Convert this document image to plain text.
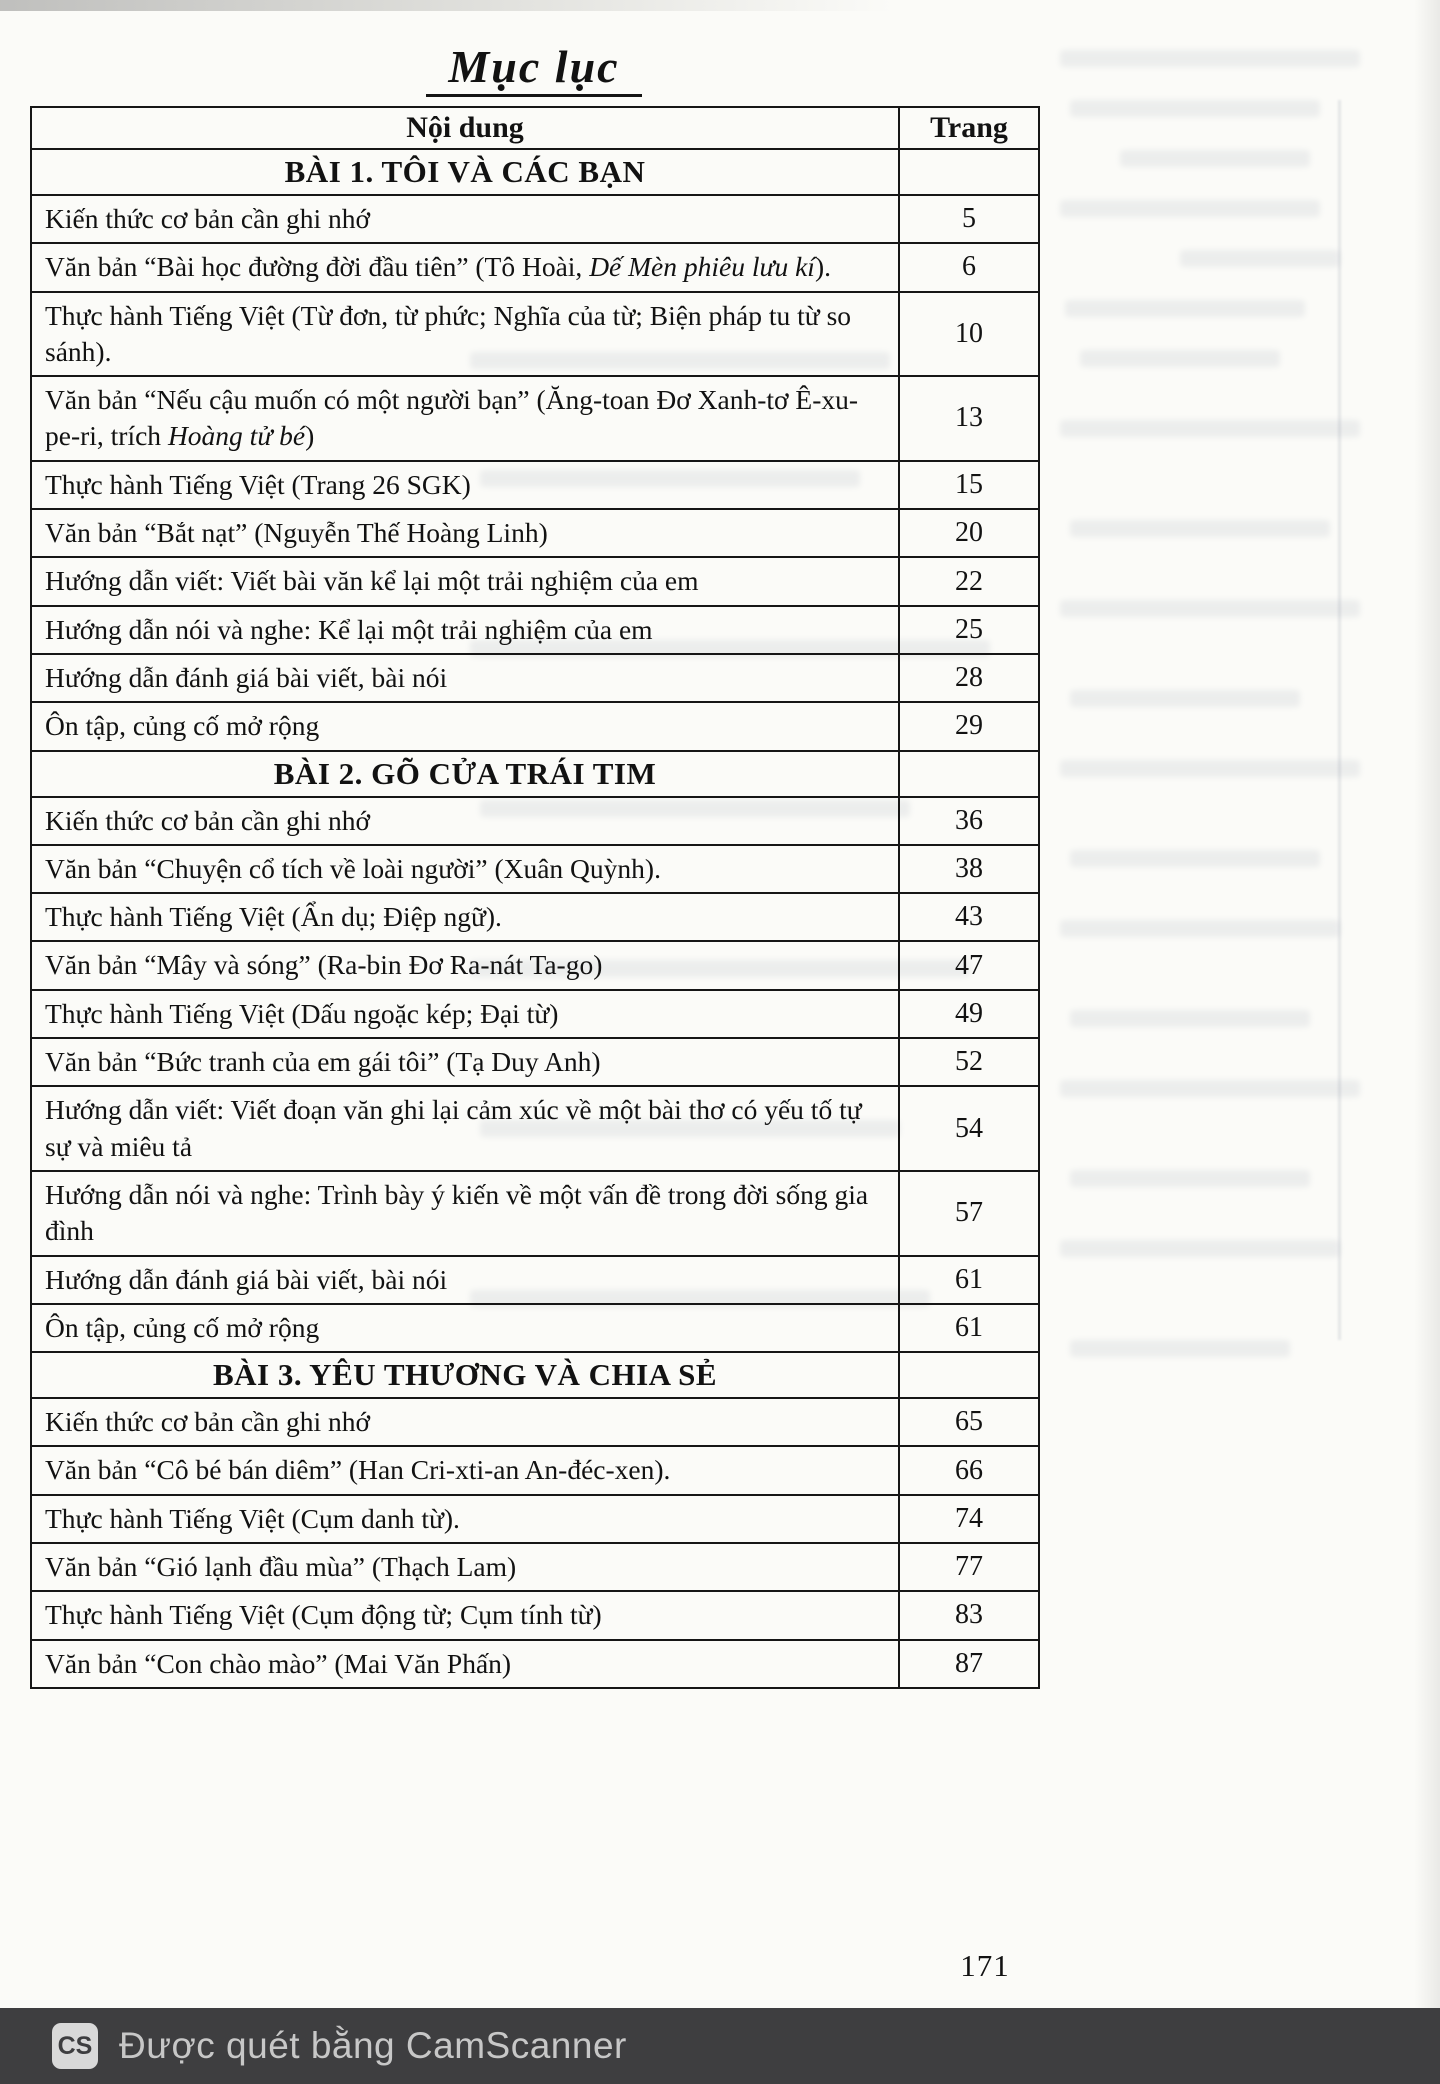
Mục lục
Nội dung	Trang
BÀI 1. TÔI VÀ CÁC BẠN	
Kiến thức cơ bản cần ghi nhớ	5
Văn bản “Bài học đường đời đầu tiên” (Tô Hoài, Dế Mèn phiêu lưu kí).	6
Thực hành Tiếng Việt (Từ đơn, từ phức; Nghĩa của từ; Biện pháp tu từ so sánh).	10
Văn bản “Nếu cậu muốn có một người bạn” (Ăng-toan Đơ Xanh-tơ Ê-xu-pe-ri, trích Hoàng tử bé)	13
Thực hành Tiếng Việt (Trang 26 SGK)	15
Văn bản “Bắt nạt” (Nguyễn Thế Hoàng Linh)	20
Hướng dẫn viết: Viết bài văn kể lại một trải nghiệm của em	22
Hướng dẫn nói và nghe: Kể lại một trải nghiệm của em	25
Hướng dẫn đánh giá bài viết, bài nói	28
Ôn tập, củng cố mở rộng	29
BÀI 2. GÕ CỬA TRÁI TIM	
Kiến thức cơ bản cần ghi nhớ	36
Văn bản “Chuyện cổ tích về loài người” (Xuân Quỳnh).	38
Thực hành Tiếng Việt (Ẩn dụ; Điệp ngữ).	43
Văn bản “Mây và sóng” (Ra-bin Đơ Ra-nát Ta-go)	47
Thực hành Tiếng Việt (Dấu ngoặc kép; Đại từ)	49
Văn bản “Bức tranh của em gái tôi” (Tạ Duy Anh)	52
Hướng dẫn viết: Viết đoạn văn ghi lại cảm xúc về một bài thơ có yếu tố tự sự và miêu tả	54
Hướng dẫn nói và nghe: Trình bày ý kiến về một vấn đề trong đời sống gia đình	57
Hướng dẫn đánh giá bài viết, bài nói	61
Ôn tập, củng cố mở rộng	61
BÀI 3. YÊU THƯƠNG VÀ CHIA SẺ	
Kiến thức cơ bản cần ghi nhớ	65
Văn bản “Cô bé bán diêm” (Han Cri-xti-an An-đéc-xen).	66
Thực hành Tiếng Việt (Cụm danh từ).	74
Văn bản “Gió lạnh đầu mùa” (Thạch Lam)	77
Thực hành Tiếng Việt (Cụm động từ; Cụm tính từ)	83
Văn bản “Con chào mào” (Mai Văn Phấn)	87
171
CS Được quét bằng CamScanner
